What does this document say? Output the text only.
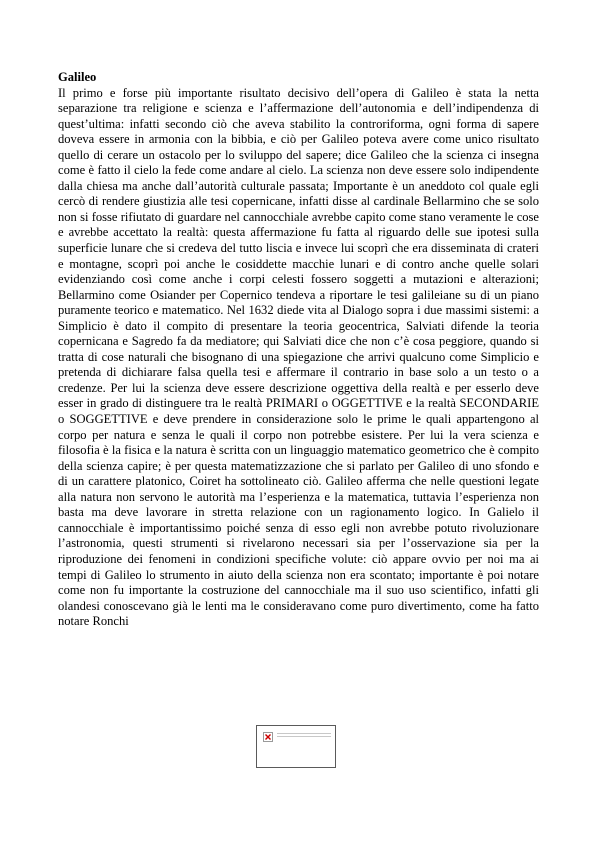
Galileo

Il primo e forse più importante risultato decisivo dell’opera di Galileo è stata la netta separazione tra religione e scienza e l’affermazione dell’autonomia e dell’indipendenza di quest’ultima: infatti secondo ciò che aveva stabilito la controriforma, ogni forma di sapere doveva essere in armonia con la bibbia, e ciò per Galileo poteva avere come unico risultato quello di cerare un ostacolo per lo sviluppo del sapere; dice Galileo che la scienza ci insegna come è fatto il cielo la fede come andare al cielo. La scienza non deve essere solo indipendente dalla chiesa ma anche dall’autorità culturale passata; Importante è un aneddoto col quale egli cercò di rendere giustizia alle tesi copernicane, infatti disse al cardinale Bellarmino che se solo non si fosse rifiutato di guardare nel cannocchiale avrebbe capito come stano veramente le cose e avrebbe accettato la realtà: questa affermazione fu fatta al riguardo delle sue ipotesi sulla superficie lunare che si credeva del tutto liscia e invece lui scoprì che era disseminata di crateri e montagne, scoprì poi anche le cosiddette macchie lunari e di contro anche quelle solari evidenziando così come anche i corpi celesti fossero soggetti a mutazioni e alterazioni; Bellarmino come Osiander per Copernico tendeva a riportare le tesi galileiane su di un piano puramente teorico e matematico. Nel 1632 diede vita al Dialogo sopra i due massimi sistemi: a Simplicio è dato il compito di presentare la teoria geocentrica, Salviati difende la teoria copernicana e Sagredo fa da mediatore; qui Salviati dice che non c’è cosa peggiore, quando si tratta di cose naturali che bisognano di una spiegazione che arrivi qualcuno come Simplicio e pretenda di dichiarare falsa quella tesi e affermare il contrario in base solo a un testo o a credenze. Per lui la scienza deve essere descrizione oggettiva della realtà e per esserlo deve esser in grado di distinguere tra le realtà PRIMARI o OGGETTIVE e la realtà SECONDARIE o SOGGETTIVE e deve prendere in considerazione solo le prime le quali appartengono al corpo per natura e senza le quali il corpo non potrebbe esistere. Per lui la vera scienza e filosofia è la fisica e la natura è scritta con un linguaggio matematico geometrico che è compito della scienza capire; è per questa matematizzazione che si parlato per Galileo di uno sfondo e di un carattere platonico, Coiret ha sottolineato ciò. Galileo afferma che nelle questioni legate alla natura non servono le autorità ma l’esperienza e la matematica, tuttavia l’esperienza non basta ma deve lavorare in stretta relazione con un ragionamento logico. In Galielo il cannocchiale è importantissimo poiché senza di esso egli non avrebbe potuto rivoluzionare l’astronomia, questi strumenti si rivelarono necessari sia per l’osservazione sia per la riproduzione dei fenomeni in condizioni specifiche volute: ciò appare ovvio per noi ma ai tempi di Galileo lo strumento in aiuto della scienza non era scontato; importante è poi notare come non fu importante la costruzione del cannocchiale ma il suo uso scientifico, infatti gli olandesi conoscevano già le lenti ma le consideravano come puro divertimento, come ha fatto notare Ronchi
